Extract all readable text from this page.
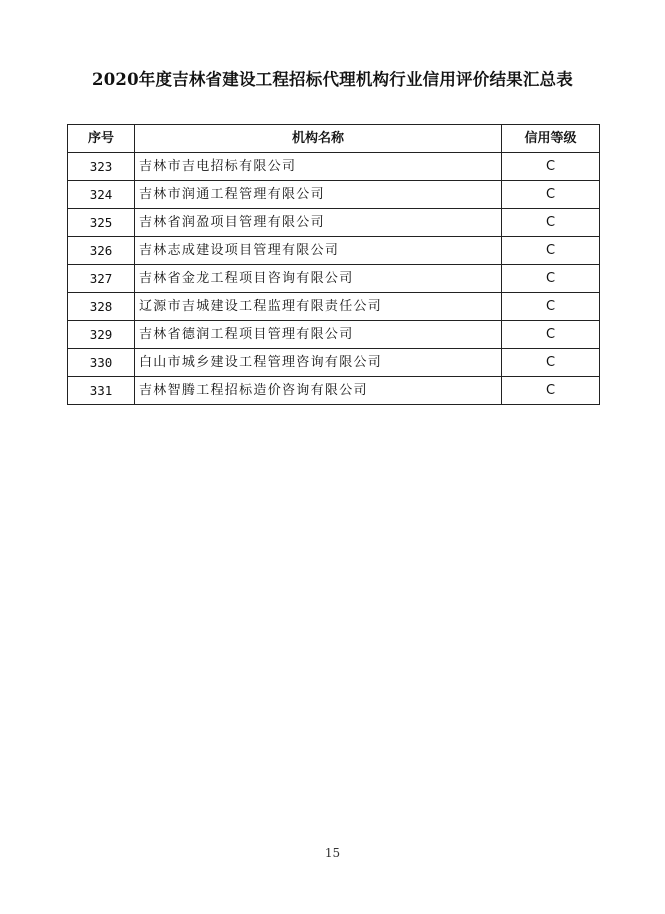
2020年度吉林省建设工程招标代理机构行业信用评价结果汇总表
序号	机构名称	信用等级
323	吉林市吉电招标有限公司	C
324	吉林市润通工程管理有限公司	C
325	吉林省润盈项目管理有限公司	C
326	吉林志成建设项目管理有限公司	C
327	吉林省金龙工程项目咨询有限公司	C
328	辽源市吉城建设工程监理有限责任公司	C
329	吉林省德润工程项目管理有限公司	C
330	白山市城乡建设工程管理咨询有限公司	C
331	吉林智腾工程招标造价咨询有限公司	C
15
